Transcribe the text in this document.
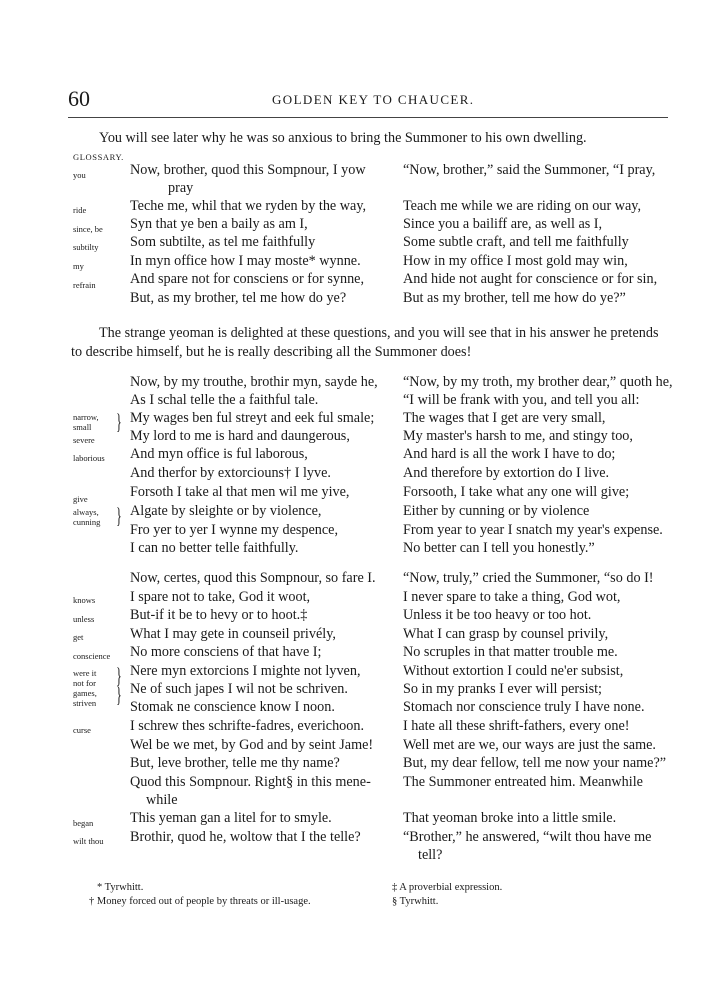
60	GOLDEN KEY TO CHAUCER.
You will see later why he was so anxious to bring the Summoner to his own dwelling.
GLOSSARY.
you
ride
since, be
subtilty
my
refrain
Now, brother, quod this Sompnour, I yow
pray
Teche me, whil that we ryden by the way,
Syn that ye ben a baily as am I,
Som subtilte, as tel me faithfully
In myn office how I may moste* wynne.
And spare not for consciens or for synne,
But, as my brother, tel me how do ye?
“Now, brother,” said the Summoner, “I pray,
Teach me while we are riding on our way,
Since you a bailiff are, as well as I,
Some subtle craft, and tell me faithfully
How in my office I most gold may win,
And hide not aught for conscience or for sin,
But as my brother, tell me how do ye?”
The strange yeoman is delighted at these questions, and you will see that in his answer he pretends
to describe himself, but he is really describing all the Summoner does!
narrow,
small }
severe
laborious
give
always,
cunning }
Now, by my trouthe, brothir myn, sayde he,
As I schal telle the a faithful tale.
My wages ben ful streyt and eek ful smale;
My lord to me is hard and daungerous,
And myn office is ful laborous,
And therfor by extorciouns† I lyve.
Forsoth I take al that men wil me yive,
Algate by sleighte or by violence,
Fro yer to yer I wynne my despence,
I can no better telle faithfully.
“Now, by my troth, my brother dear,” quoth he,
“I will be frank with you, and tell you all:
The wages that I get are very small,
My master's harsh to me, and stingy too,
And hard is all the work I have to do;
And therefore by extortion do I live.
Forsooth, I take what any one will give;
Either by cunning or by violence
From year to year I snatch my year's expense.
No better can I tell you honestly.”
knows
unless
get
conscience
were it
not for
games,
striven
}
}
curse
began
wilt thou
Now, certes, quod this Sompnour, so fare I.
I spare not to take, God it woot,
But-if it be to hevy or to hoot.‡
What I may gete in counseil privély,
No more consciens of that have I;
Nere myn extorcions I mighte not lyven,
Ne of such japes I wil not be schriven.
Stomak ne conscience know I noon.
I schrew thes schrifte-fadres, everichoon.
Wel be we met, by God and by seint Jame!
But, leve brother, telle me thy name?
Quod this Sompnour. Right§ in this mene-
while
This yeman gan a litel for to smyle.
Brothir, quod he, woltow that I the telle?
“Now, truly,” cried the Summoner, “so do I!
I never spare to take a thing, God wot,
Unless it be too heavy or too hot.
What I can grasp by counsel privily,
No scruples in that matter trouble me.
Without extortion I could ne'er subsist,
So in my pranks I ever will persist;
Stomach nor conscience truly I have none.
I hate all these shrift-fathers, every one!
Well met are we, our ways are just the same.
But, my dear fellow, tell me now your name?”
The Summoner entreated him. Meanwhile
That yeoman broke into a little smile.
“Brother,” he answered, “wilt thou have me
tell?
* Tyrwhitt.
† Money forced out of people by threats or ill-usage.
‡ A proverbial expression.
§ Tyrwhitt.
